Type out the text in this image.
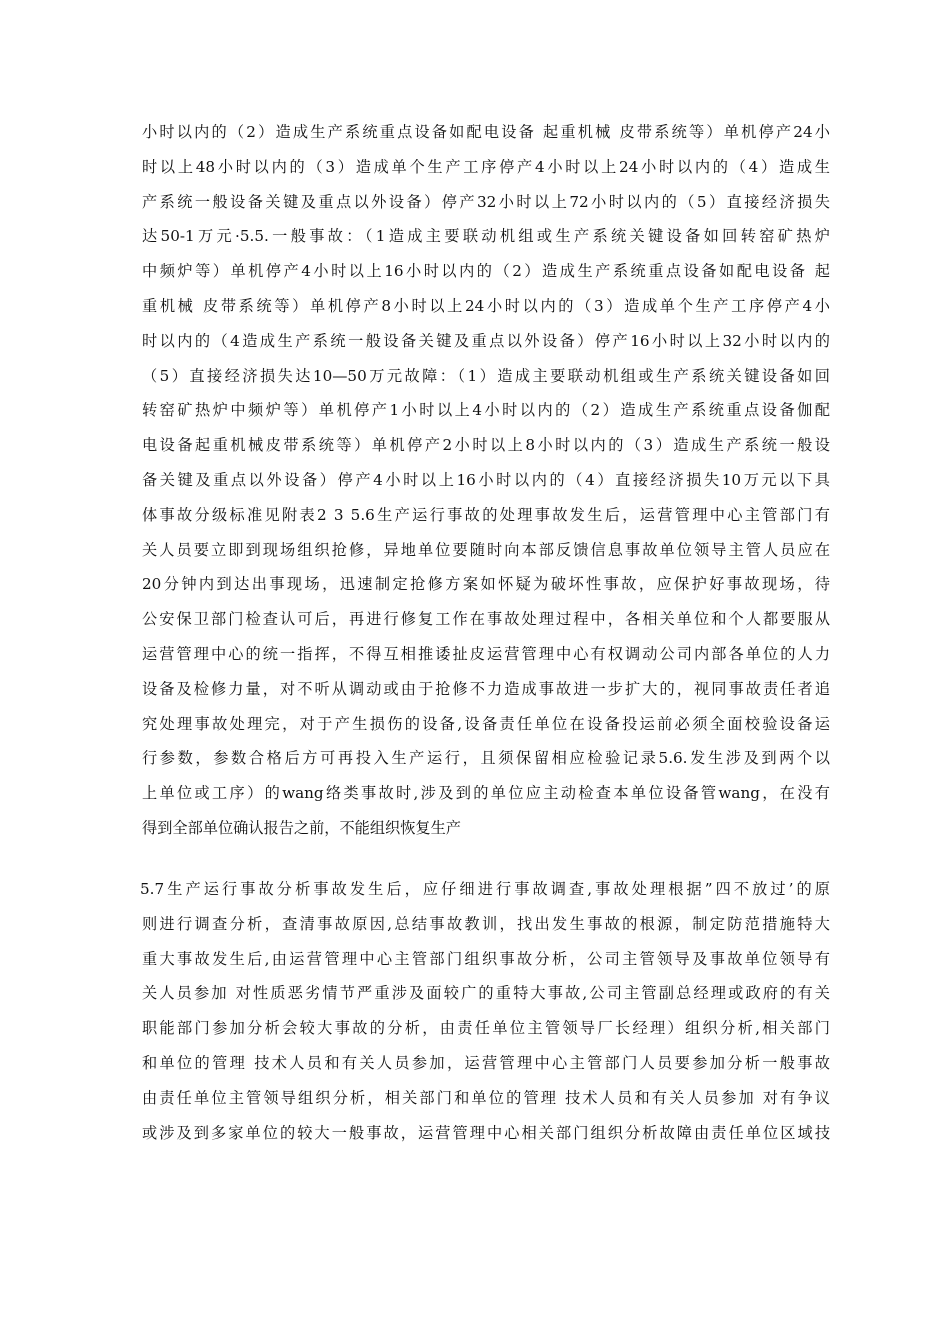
小时以内的（2）造成生产系统重点设备如配电设备 起重机械 皮带系统等）单机停产24小
时以上48小时以内的（3）造成单个生产工序停产4小时以上24小时以内的（4）造成生
产系统一般设备关键及重点以外设备）停产32小时以上72小时以内的（5）直接经济损失
达50-1万元·5.5.一般事故：（1造成主要联动机组或生产系统关键设备如回转窑矿热炉
中频炉等）单机停产4小时以上16小时以内的（2）造成生产系统重点设备如配电设备 起
重机械 皮带系统等）单机停产8小时以上24小时以内的（3）造成单个生产工序停产4小
时以内的（4造成生产系统一般设备关键及重点以外设备）停产16小时以上32小时以内的
（5）直接经济损失达10—50万元故障：（1）造成主要联动机组或生产系统关键设备如回
转窑矿热炉中频炉等）单机停产1小时以上4小时以内的（2）造成生产系统重点设备伽配
电设备起重机械皮带系统等）单机停产2小时以上8小时以内的（3）造成生产系统一般设
备关键及重点以外设备）停产4小时以上16小时以内的（4）直接经济损失10万元以下具
体事故分级标准见附表2 3 5.6生产运行事故的处理事故发生后，运营管理中心主管部门有
关人员要立即到现场组织抢修，异地单位要随时向本部反馈信息事故单位领导主管人员应在
20分钟内到达出事现场，迅速制定抢修方案如怀疑为破坏性事故，应保护好事故现场，待
公安保卫部门检查认可后，再进行修复工作在事故处理过程中，各相关单位和个人都要服从
运营管理中心的统一指挥，不得互相推诿扯皮运营管理中心有权调动公司内部各单位的人力
设备及检修力量，对不听从调动或由于抢修不力造成事故进一步扩大的，视同事故责任者追
究处理事故处理完，对于产生损伤的设备,设备责任单位在设备投运前必须全面校验设备运
行参数，参数合格后方可再投入生产运行，且须保留相应检验记录5.6.发生涉及到两个以
上单位或工序）的wang络类事故时,涉及到的单位应主动检查本单位设备管wang，在没有
得到全部单位确认报告之前，不能组织恢复生产
5.7生产运行事故分析事故发生后，应仔细进行事故调查,事故处理根据”四不放过’的原
则进行调查分析，查清事故原因,总结事故教训，找出发生事故的根源，制定防范措施特大
重大事故发生后,由运营管理中心主管部门组织事故分析，公司主管领导及事故单位领导有
关人员参加 对性质恶劣情节严重涉及面较广的重特大事故,公司主管副总经理或政府的有关
职能部门参加分析会较大事故的分析，由责任单位主管领导厂长经理）组织分析,相关部门
和单位的管理 技术人员和有关人员参加，运营管理中心主管部门人员要参加分析一般事故
由责任单位主管领导组织分析，相关部门和单位的管理 技术人员和有关人员参加 对有争议
或涉及到多家单位的较大一般事故，运营管理中心相关部门组织分析故障由责任单位区域技
